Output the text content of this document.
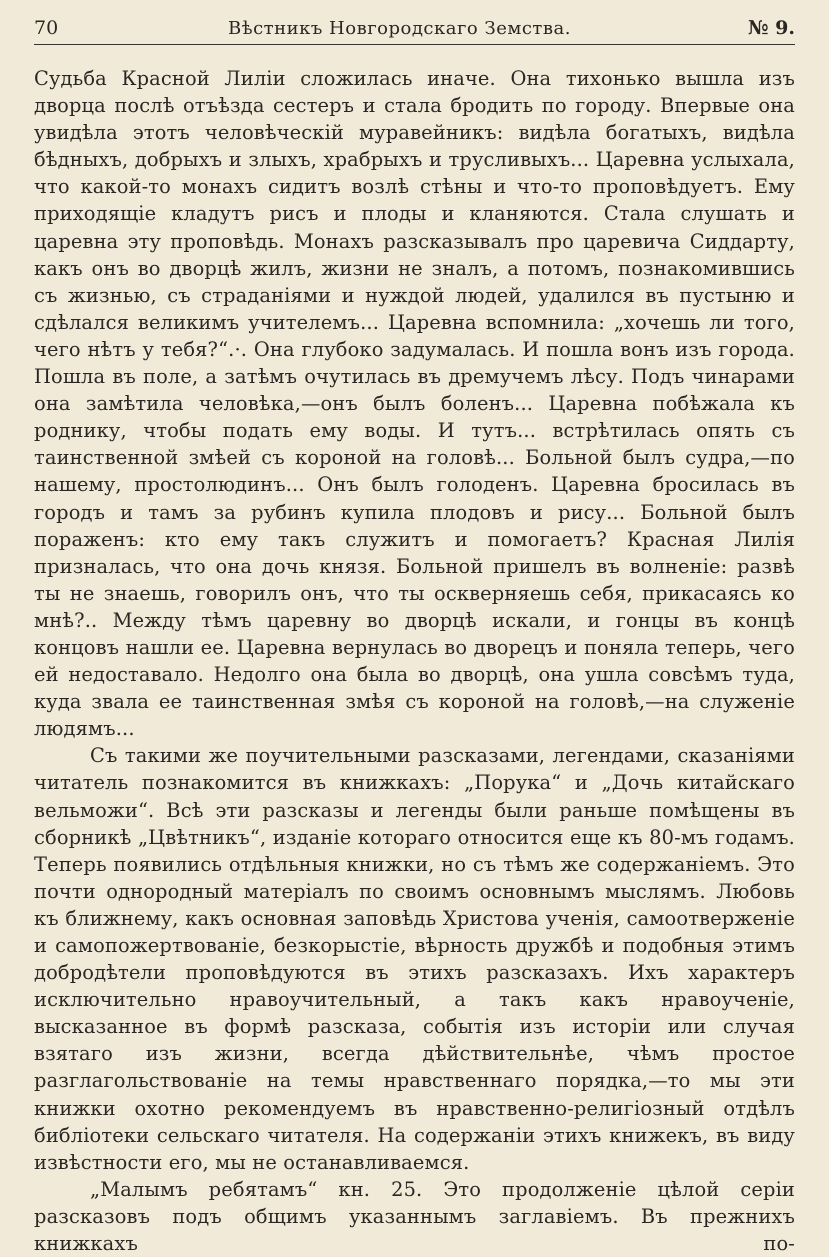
70	Вѣстникъ Новгородскаго Земства.	№ 9.

Судьба Красной Лиліи сложилась иначе. Она тихонько вышла изъ дворца послѣ отъѣзда сестеръ и стала бродить по городу. Впервые она увидѣла этотъ человѣческій муравейникъ: видѣла богатыхъ, видѣла бѣдныхъ, добрыхъ и злыхъ, храбрыхъ и трусливыхъ... Царевна услыхала, что какой-то монахъ сидитъ возлѣ стѣны и что-то проповѣдуетъ. Ему приходящіе кладутъ рисъ и плоды и кланяются. Стала слушать и царевна эту проповѣдь. Монахъ разсказывалъ про царевича Сиддарту, какъ онъ во дворцѣ жилъ, жизни не зналъ, а потомъ, познакомившись съ жизнью, съ страданіями и нуждой людей, удалился въ пустыню и сдѣлался великимъ учителемъ... Царевна вспомнила: „хочешь ли того, чего нѣтъ у тебя?“.·. Она глубоко задумалась. И пошла вонъ изъ города. Пошла въ поле, а затѣмъ очутилась въ дремучемъ лѣсу. Подъ чинарами она замѣтила человѣка,—онъ былъ боленъ... Царевна побѣжала къ роднику, чтобы подать ему воды. И тутъ... встрѣтилась опять съ таинственной змѣей съ короной на головѣ... Больной былъ судра,—по нашему, простолюдинъ... Онъ былъ голоденъ. Царевна бросилась въ городъ и тамъ за рубинъ купила плодовъ и рису... Больной былъ пораженъ: кто ему такъ служитъ и помогаетъ? Красная Лилія призналась, что она дочь князя. Больной пришелъ въ волненіе: развѣ ты не знаешь, говорилъ онъ, что ты оскверняешь себя, прикасаясь ко мнѣ?.. Между тѣмъ царевну во дворцѣ искали, и гонцы въ концѣ концовъ нашли ее. Царевна вернулась во дворецъ и поняла теперь, чего ей недоставало. Недолго она была во дворцѣ, она ушла совсѣмъ туда, куда звала ее таинственная змѣя съ короной на головѣ,—на служеніе людямъ...

Съ такими же поучительными разсказами, легендами, сказаніями читатель познакомится въ книжкахъ: „Порука“ и „Дочь китайскаго вельможи“. Всѣ эти разсказы и легенды были раньше помѣщены въ сборникѣ „Цвѣтникъ“, изданіе котораго относится еще къ 80-мъ годамъ. Теперь появились отдѣльныя книжки, но съ тѣмъ же содержаніемъ. Это почти однородный матеріалъ по своимъ основнымъ мыслямъ. Любовь къ ближнему, какъ основная заповѣдь Христова ученія, самоотверженіе и самопожертвованіе, безкорыстіе, вѣрность дружбѣ и подобныя этимъ добродѣтели проповѣдуются въ этихъ разсказахъ. Ихъ характеръ исключительно нравоучительный, а такъ какъ нравоученіе, высказанное въ формѣ разсказа, событія изъ исторіи или случая взятаго изъ жизни, всегда дѣйствительнѣе, чѣмъ простое разглагольствованіе на темы нравственнаго порядка,—то мы эти книжки охотно рекомендуемъ въ нравственно-религіозный отдѣлъ библіотеки сельскаго читателя. На содержаніи этихъ книжекъ, въ виду извѣстности его, мы не останавливаемся.

„Малымъ ребятамъ“ кн. 25. Это продолженіе цѣлой серіи разсказовъ подъ общимъ указаннымъ заглавіемъ. Въ прежнихъ книжкахъ по-
